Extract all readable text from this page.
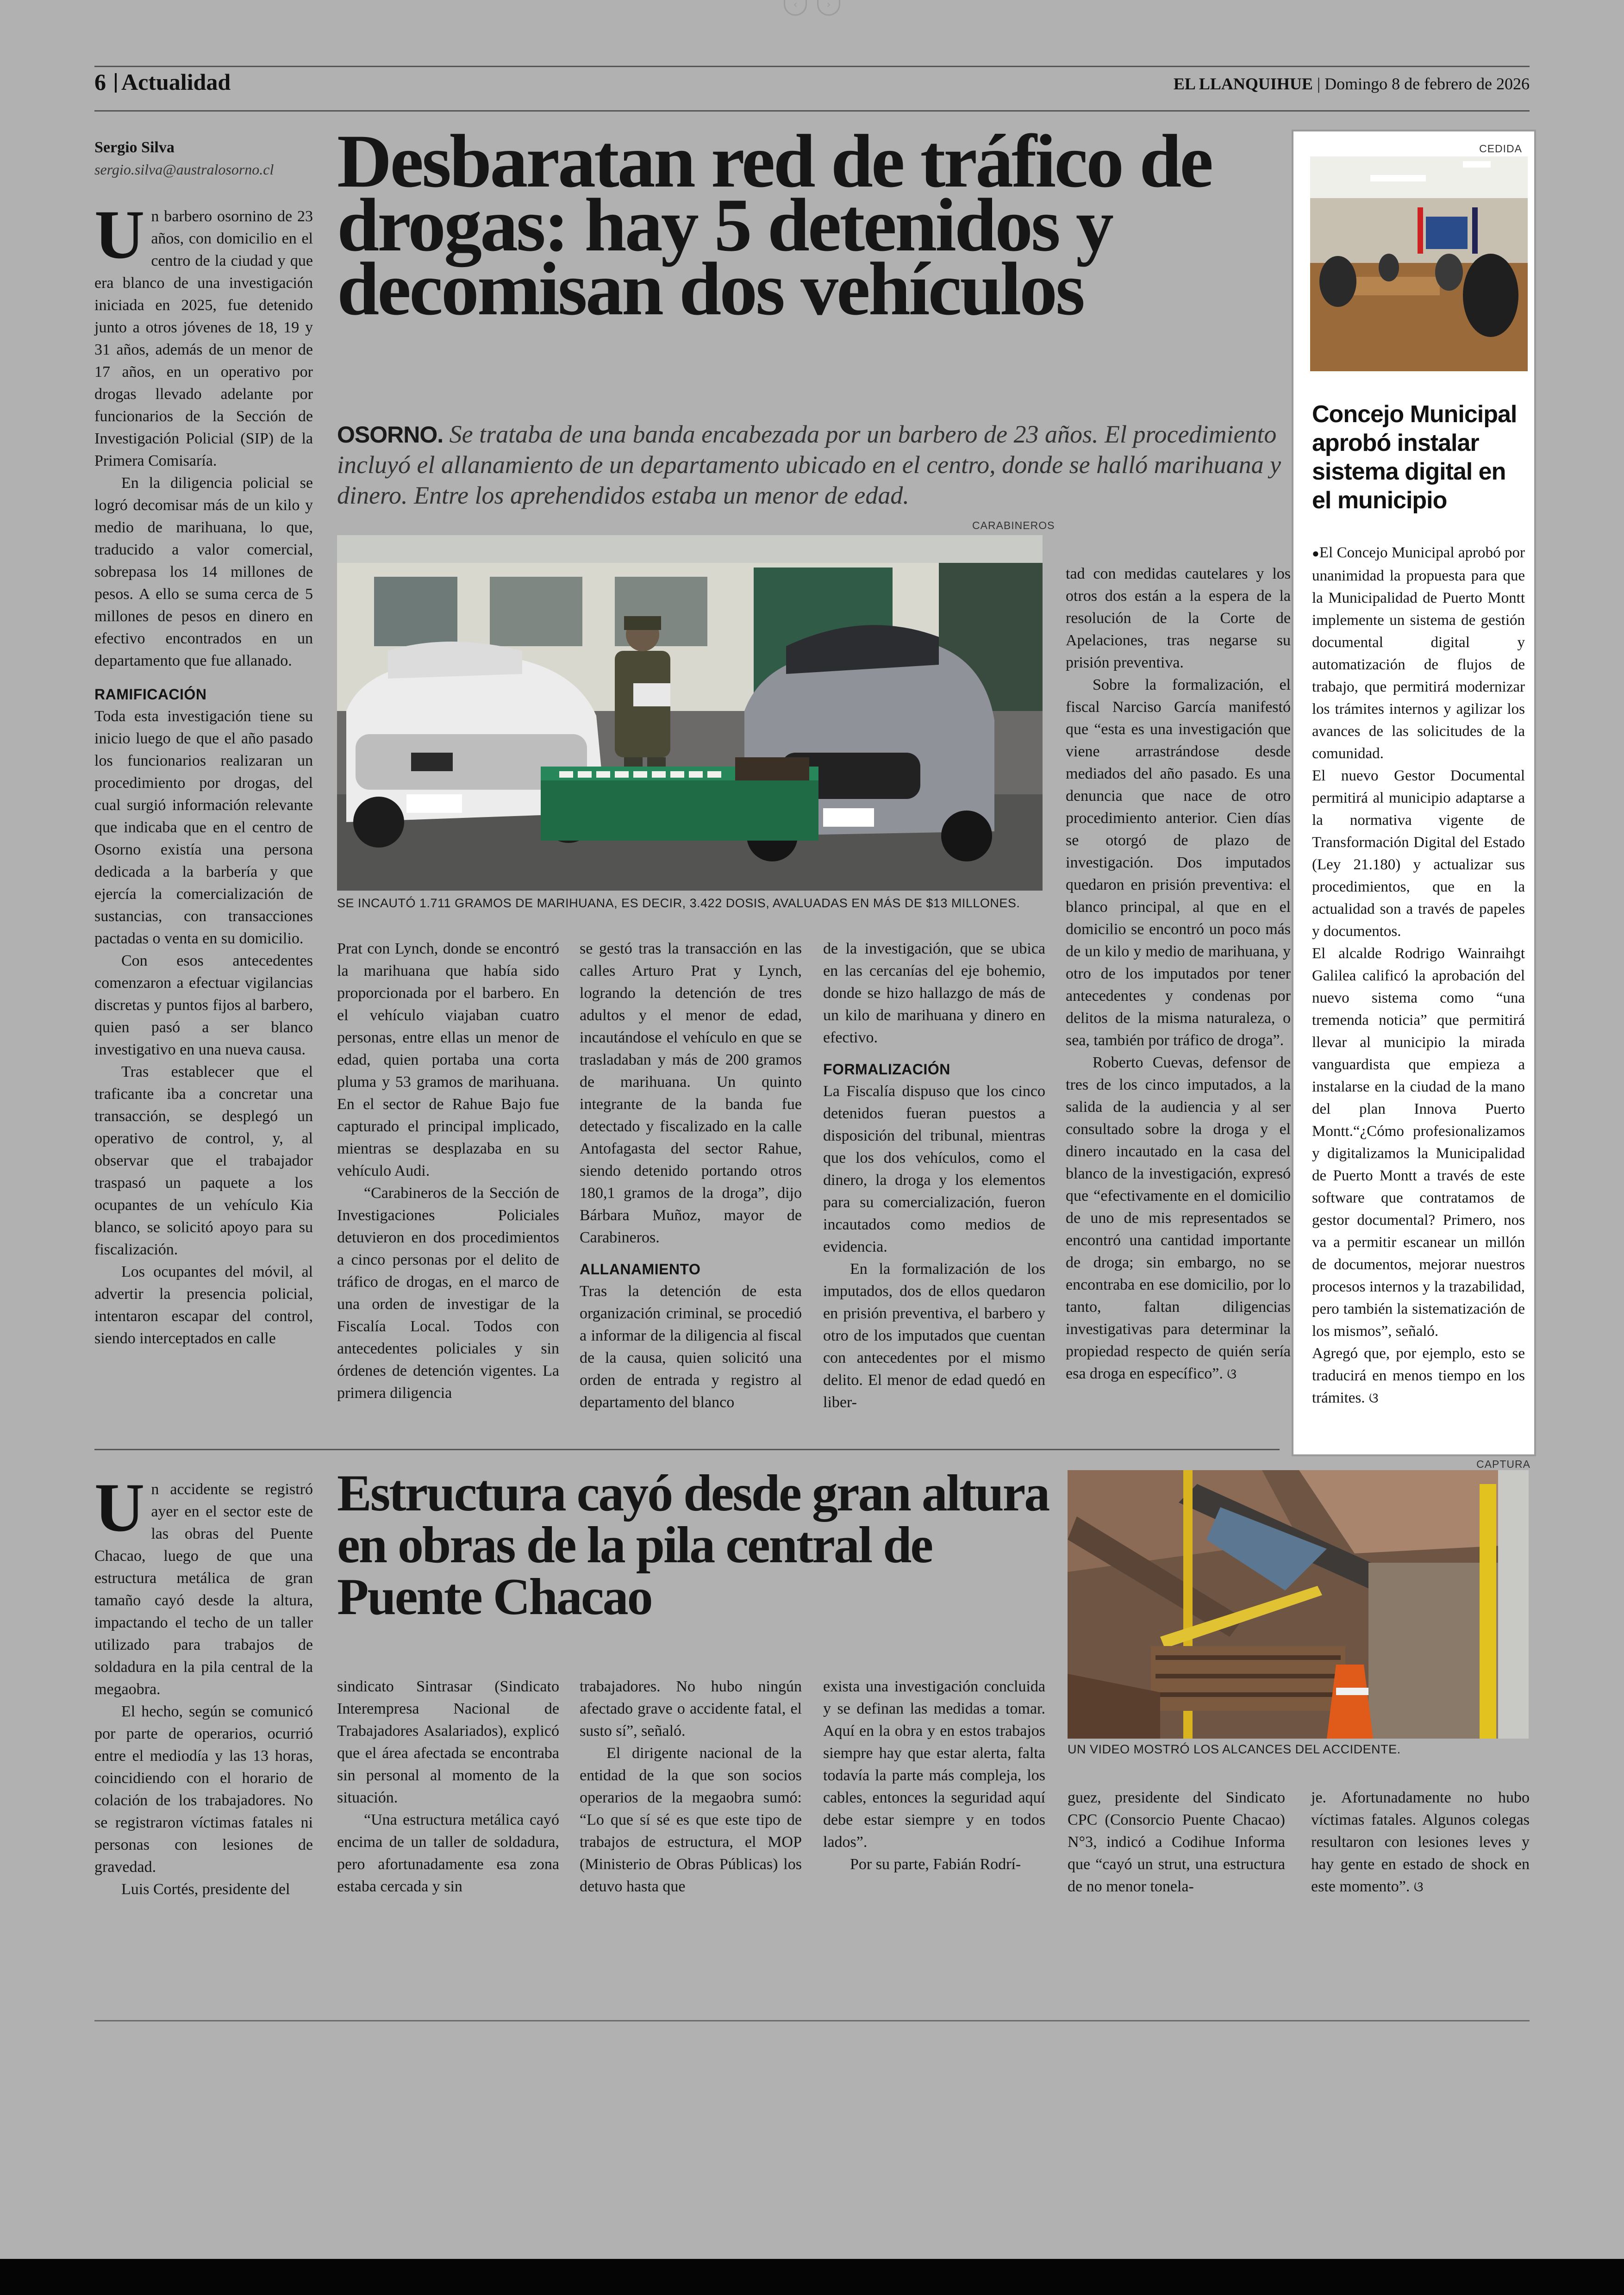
‹	›
6 Actualidad	EL LLANQUIHUE | Domingo 8 de febrero de 2026
Sergio Silva
sergio.silva@australosorno.cl Desbaratan red de tráfico de drogas: hay 5 detenidos y decomisan dos vehículos
OSORNO. Se trataba de una banda encabezada por un barbero de 23 años. El procedimiento incluyó el allanamiento de un departamento ubicado en el centro, donde se halló marihuana y dinero. Entre los aprehendidos estaba un menor de edad.
CARABINEROS
SE INCAUTÓ 1.711 GRAMOS DE MARIHUANA, ES DECIR, 3.422 DOSIS, AVALUADAS EN MÁS DE $13 MILLONES.
U n barbero osornino de 23 años, con domicilio en el centro de la ciudad y que era blanco de una investigación iniciada en 2025, fue detenido junto a otros jóvenes de 18, 19 y 31 años, además de un menor de 17 años, en un operativo por drogas llevado adelante por funcionarios de la Sección de Investigación Policial (SIP) de la Primera Comisaría.

En la diligencia policial se logró decomisar más de un kilo y medio de marihuana, lo que, traducido a valor comercial, sobrepasa los 14 millones de pesos. A ello se suma cerca de 5 millones de pesos en dinero en efectivo encontrados en un departamento que fue allanado.

RAMIFICACIÓN

Toda esta investigación tiene su inicio luego de que el año pasado los funcionarios realizaran un procedimiento por drogas, del cual surgió información relevante que indicaba que en el centro de Osorno existía una persona dedicada a la barbería y que ejercía la comercialización de sustancias, con transacciones pactadas o venta en su domicilio.

Con esos antecedentes comenzaron a efectuar vigilancias discretas y puntos fijos al barbero, quien pasó a ser blanco investigativo en una nueva causa.

Tras establecer que el traficante iba a concretar una transacción, se desplegó un operativo de control, y, al observar que el trabajador traspasó un paquete a los ocupantes de un vehículo Kia blanco, se solicitó apoyo para su fiscalización.

Los ocupantes del móvil, al advertir la presencia policial, intentaron escapar del control, siendo interceptados en calle

Prat con Lynch, donde se encontró la marihuana que había sido proporcionada por el barbero. En el vehículo viajaban cuatro personas, entre ellas un menor de edad, quien portaba una corta pluma y 53 gramos de marihuana. En el sector de Rahue Bajo fue capturado el principal implicado, mientras se desplazaba en su vehículo Audi.

“Carabineros de la Sección de Investigaciones Policiales detuvieron en dos procedimientos a cinco personas por el delito de tráfico de drogas, en el marco de una orden de investigar de la Fiscalía Local. Todos con antecedentes policiales y sin órdenes de detención vigentes. La primera diligencia

se gestó tras la transacción en las calles Arturo Prat y Lynch, logrando la detención de tres adultos y el menor de edad, incautándose el vehículo en que se trasladaban y más de 200 gramos de marihuana. Un quinto integrante de la banda fue detectado y fiscalizado en la calle Antofagasta del sector Rahue, siendo detenido portando otros 180,1 gramos de la droga”, dijo Bárbara Muñoz, mayor de Carabineros.

ALLANAMIENTO

Tras la detención de esta organización criminal, se procedió a informar de la diligencia al fiscal de la causa, quien solicitó una orden de entrada y registro al departamento del blanco

de la investigación, que se ubica en las cercanías del eje bohemio, donde se hizo hallazgo de más de un kilo de marihuana y dinero en efectivo.

FORMALIZACIÓN

La Fiscalía dispuso que los cinco detenidos fueran puestos a disposición del tribunal, mientras que los dos vehículos, como el dinero, la droga y los elementos para su comercialización, fueron incautados como medios de evidencia.

En la formalización de los imputados, dos de ellos quedaron en prisión preventiva, el barbero y otro de los imputados que cuentan con antecedentes por el mismo delito. El menor de edad quedó en liber-

tad con medidas cautelares y los otros dos están a la espera de la resolución de la Corte de Apelaciones, tras negarse su prisión preventiva.

Sobre la formalización, el fiscal Narciso García manifestó que “esta es una investigación que viene arrastrándose desde mediados del año pasado. Es una denuncia que nace de otro procedimiento anterior. Cien días se otorgó de plazo de investigación. Dos imputados quedaron en prisión preventiva: el blanco principal, al que en el domicilio se encontró un poco más de un kilo y medio de marihuana, y otro de los imputados por tener antecedentes y condenas por delitos de la misma naturaleza, o sea, también por tráfico de droga”.

Roberto Cuevas, defensor de tres de los cinco imputados, a la salida de la audiencia y al ser consultado sobre la droga y el dinero incautado en la casa del blanco de la investigación, expresó que “efectivamente en el domicilio de uno de mis representados se encontró una cantidad importante de droga; sin embargo, no se encontraba en ese domicilio, por lo tanto, faltan diligencias investigativas para determinar la propiedad respecto de quién sería esa droga en específico”. ଓ

CEDIDA
Concejo Municipal aprobó instalar sistema digital en el municipio

●El Concejo Municipal aprobó por unanimidad la propuesta para que la Municipalidad de Puerto Montt implemente un sistema de gestión documental digital y automatización de flujos de trabajo, que permitirá modernizar los trámites internos y agilizar los avances de las solicitudes de la comunidad.

El nuevo Gestor Documental permitirá al municipio adaptarse a la normativa vigente de Transformación Digital del Estado (Ley 21.180) y actualizar sus procedimientos, que en la actualidad son a través de papeles y documentos.

El alcalde Rodrigo Wainraihgt Galilea calificó la aprobación del nuevo sistema como “una tremenda noticia” que permitirá llevar al municipio la mirada vanguardista que empieza a instalarse en la ciudad de la mano del plan Innova Puerto Montt.“¿Cómo profesionalizamos y digitalizamos la Municipalidad de Puerto Montt a través de este software que contratamos de gestor documental? Primero, nos va a permitir escanear un millón de documentos, mejorar nuestros procesos internos y la trazabilidad, pero también la sistematización de los mismos”, señaló.

Agregó que, por ejemplo, esto se traducirá en menos tiempo en los trámites. ଓ

Estructura cayó desde gran altura en obras de la pila central de Puente Chacao
CAPTURA
UN VIDEO MOSTRÓ LOS ALCANCES DEL ACCIDENTE.
U n accidente se registró ayer en el sector este de las obras del Puente Chacao, luego de que una estructura metálica de gran tamaño cayó desde la altura, impactando el techo de un taller utilizado para trabajos de soldadura en la pila central de la megaobra.

El hecho, según se comunicó por parte de operarios, ocurrió entre el mediodía y las 13 horas, coincidiendo con el horario de colación de los trabajadores. No se registraron víctimas fatales ni personas con lesiones de gravedad.

Luis Cortés, presidente del

sindicato Sintrasar (Sindicato Interempresa Nacional de Trabajadores Asalariados), explicó que el área afectada se encontraba sin personal al momento de la situación.

“Una estructura metálica cayó encima de un taller de soldadura, pero afortunadamente esa zona estaba cercada y sin

trabajadores. No hubo ningún afectado grave o accidente fatal, el susto sí”, señaló.

El dirigente nacional de la entidad de la que son socios operarios de la megaobra sumó: “Lo que sí sé es que este tipo de trabajos de estructura, el MOP (Ministerio de Obras Públicas) los detuvo hasta que

exista una investigación concluida y se definan las medidas a tomar. Aquí en la obra y en estos trabajos siempre hay que estar alerta, falta todavía la parte más compleja, los cables, entonces la seguridad aquí debe estar siempre y en todos lados”.

Por su parte, Fabián Rodrí-

guez, presidente del Sindicato CPC (Consorcio Puente Chacao) N°3, indicó a Codihue Informa que “cayó un strut, una estructura de no menor tonela-

je. Afortunadamente no hubo víctimas fatales. Algunos colegas resultaron con lesiones leves y hay gente en estado de shock en este momento”. ଓ
